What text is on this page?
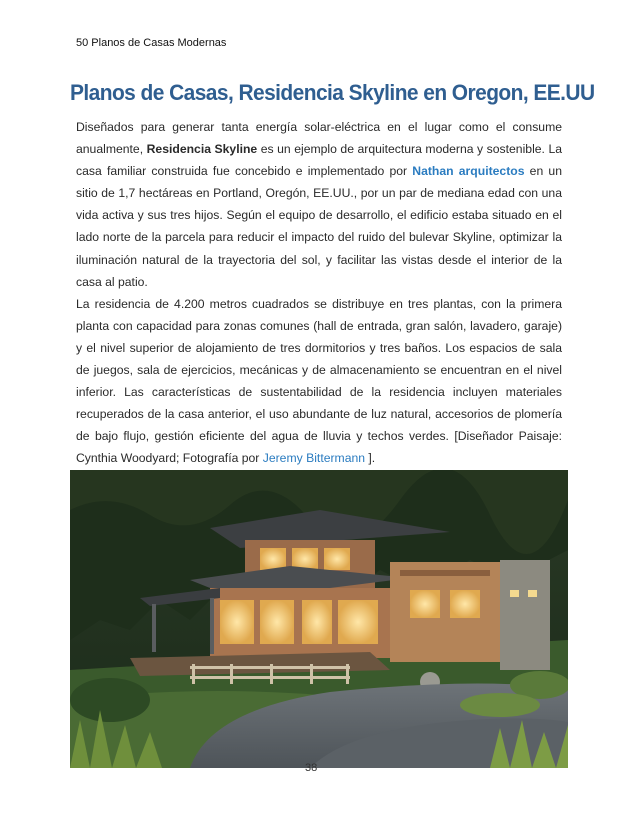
50 Planos de Casas Modernas
Planos de Casas, Residencia Skyline en Oregon, EE.UU

Diseñados para generar tanta energía solar-eléctrica en el lugar como el consume anualmente, Residencia Skyline es un ejemplo de arquitectura moderna y sostenible. La casa familiar construida fue concebido e implementado por Nathan arquitectos en un sitio de 1,7 hectáreas en Portland, Oregón, EE.UU., por un par de mediana edad con una vida activa y sus tres hijos. Según el equipo de desarrollo, el edificio estaba situado en el lado norte de la parcela para reducir el impacto del ruido del bulevar Skyline, optimizar la iluminación natural de la trayectoria del sol, y facilitar las vistas desde el interior de la casa al patio.

La residencia de 4.200 metros cuadrados se distribuye en tres plantas, con la primera planta con capacidad para zonas comunes (hall de entrada, gran salón, lavadero, garaje) y el nivel superior de alojamiento de tres dormitorios y tres baños. Los espacios de sala de juegos, sala de ejercicios, mecánicas y de almacenamiento se encuentran en el nivel inferior. Las características de sustentabilidad de la residencia incluyen materiales recuperados de la casa anterior, el uso abundante de luz natural, accesorios de plomería de bajo flujo, gestión eficiente del agua de lluvia y techos verdes. [Diseñador Paisaje: Cynthia Woodyard; Fotografía por Jeremy Bittermann ].

38
